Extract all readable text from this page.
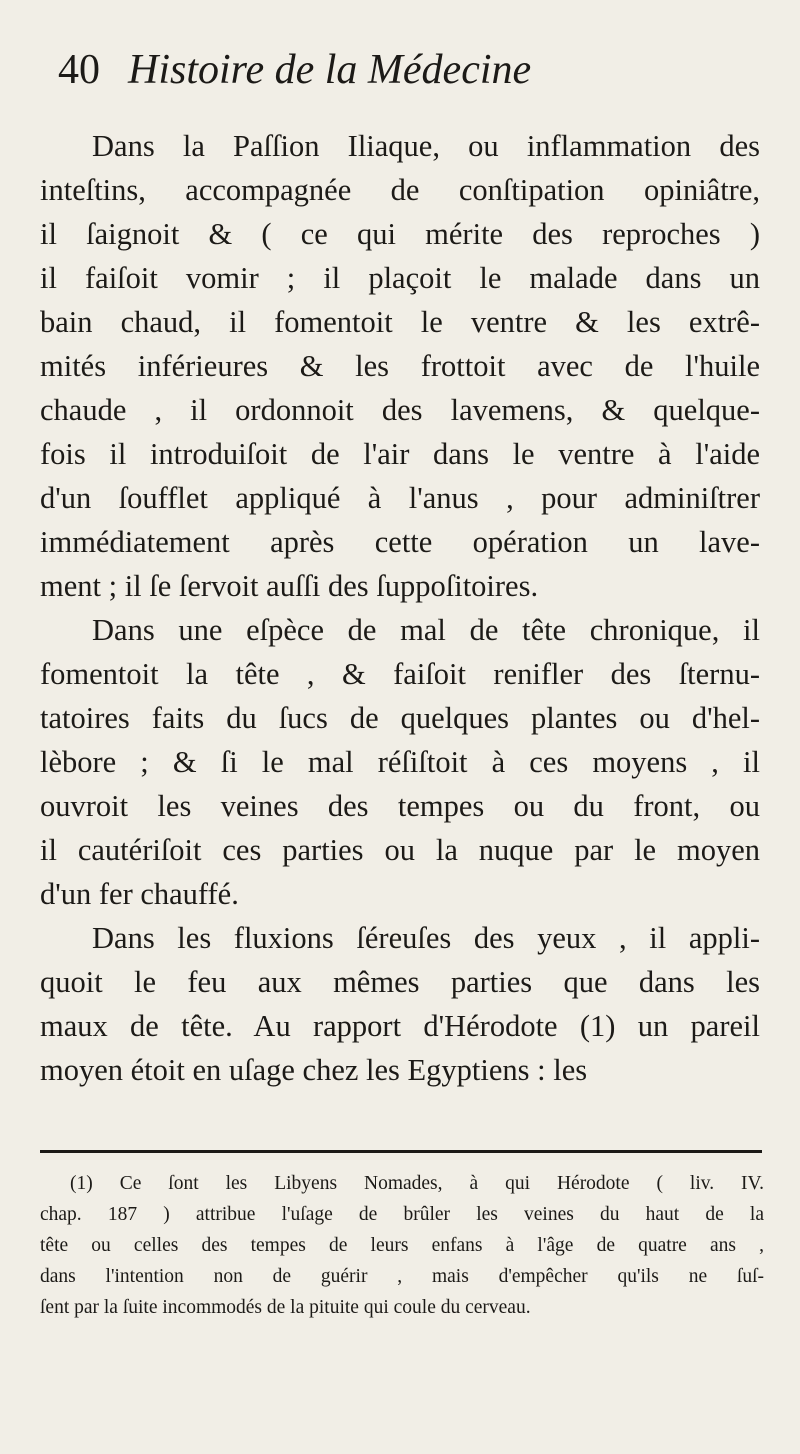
40 Histoire de la Médecine
Dans la Paſſion Iliaque, ou inflammation des
inteſtins, accompagnée de conſtipation opiniâtre,
il ſaignoit & ( ce qui mérite des reproches )
il faiſoit vomir ; il plaçoit le malade dans un
bain chaud, il fomentoit le ventre & les extrê-
mités inférieures & les frottoit avec de l'huile
chaude , il ordonnoit des lavemens, & quelque-
fois il introduiſoit de l'air dans le ventre à l'aide
d'un ſoufflet appliqué à l'anus , pour adminiſtrer
immédiatement après cette opération un lave-
ment ; il ſe ſervoit auſſi des ſuppoſitoires.
Dans une eſpèce de mal de tête chronique, il
fomentoit la tête , & faiſoit renifler des ſternu-
tatoires faits du ſucs de quelques plantes ou d'hel-
lèbore ; & ſi le mal réſiſtoit à ces moyens , il
ouvroit les veines des tempes ou du front, ou
il cautériſoit ces parties ou la nuque par le moyen
d'un fer chauffé.
Dans les fluxions ſéreuſes des yeux , il appli-
quoit le feu aux mêmes parties que dans les
maux de tête. Au rapport d'Hérodote (1) un pareil
moyen étoit en uſage chez les Egyptiens : les
(1) Ce ſont les Libyens Nomades, à qui Hérodote ( liv. IV.
chap. 187 ) attribue l'uſage de brûler les veines du haut de la
tête ou celles des tempes de leurs enfans à l'âge de quatre ans ,
dans l'intention non de guérir , mais d'empêcher qu'ils ne ſuſ-
ſent par la ſuite incommodés de la pituite qui coule du cerveau.
